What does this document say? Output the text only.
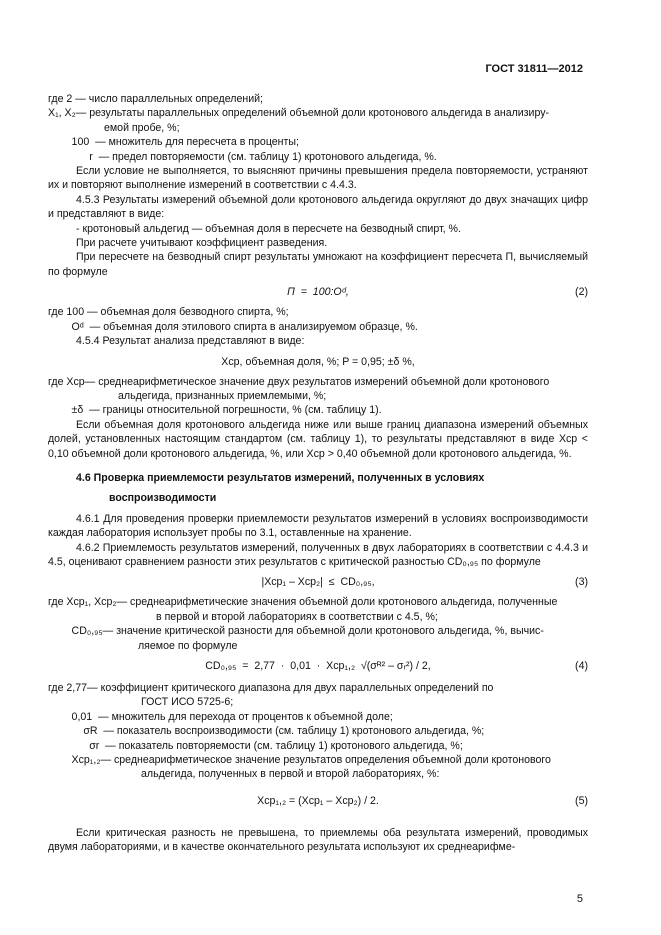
ГОСТ 31811—2012

где 2 — число параллельных определений;

X₁, X₂ — результаты параллельных определений объемной доли кротонового альдегида в анализиру-

емой пробе, %;

100  — множитель для пересчета в проценты;

r  — предел повторяемости (см. таблицу 1) кротонового альдегида, %.

Если условие не выполняется, то выясняют причины превышения предела повторяемости, устраняют их и повторяют выполнение измерений в соответствии с 4.4.3.

4.5.3 Результаты измерений объемной доли кротонового альдегида округляют до двух значащих цифр и представляют в виде:

- кротоновый альдегид — объемная доля в пересчете на безводный спирт, %.

При расчете учитывают коэффициент разведения.

При пересчете на безводный спирт результаты умножают на коэффициент пересчета П, вычисляемый по формуле

П  =  100:Oᵈ,	(2)

где 100 — объемная доля безводного спирта, %;

Oᵈ  — объемная доля этилового спирта в анализируемом образце, %.

4.5.4 Результат анализа представляют в виде:

Xср, объемная доля, %; P = 0,95; ±δ %,
где Xср — среднеарифметическое значение двух результатов измерений объемной доли кротонового

альдегида, признанных приемлемыми, %;

±δ  — границы относительной погрешности, % (см. таблицу 1).

Если объемная доля кротонового альдегида ниже или выше границ диапазона измерений объемных долей, установленных настоящим стандартом (см. таблицу 1), то результаты представляют в виде Xср < 0,10 объемной доли кротонового альдегида, %, или Xср > 0,40 объемной доли кротонового альдегида, %.

4.6 Проверка приемлемости результатов измерений, полученных в условиях

воспроизводимости

4.6.1 Для проведения проверки приемлемости результатов измерений в условиях воспроизводимости каждая лаборатория использует пробы по 3.1, оставленные на хранение.

4.6.2 Приемлемость результатов измерений, полученных в двух лабораториях в соответствии с 4.4.3 и 4.5, оценивают сравнением разности этих результатов с критической разностью CD₀,₉₅ по формуле

|Xср₁ – Xср₂|  ≤  CD₀,₉₅,	(3)
где Xср₁, Xср₂ — среднеарифметические значения объемной доли кротонового альдегида, полученные

в первой и второй лабораториях в соответствии с 4.5, %;

CD₀,₉₅ — значение критической разности для объемной доли кротонового альдегида, %, вычис-

ляемое по формуле

CD₀,₉₅  =  2,77  ·  0,01  ·  Xср₁,₂  √(σᴿ² – σᵣ²) / 2,	(4)
где 2,77 — коэффициент критического диапазона для двух параллельных определений по

ГОСТ ИСО 5725-6;

0,01  — множитель для перехода от процентов к объемной доле;

σR  — показатель воспроизводимости (см. таблицу 1) кротонового альдегида, %;

σr  — показатель повторяемости (см. таблицу 1) кротонового альдегида, %;

Xср₁,₂ — среднеарифметическое значение результатов определения объемной доли кротонового

альдегида, полученных в первой и второй лабораториях, %:

Xср₁,₂ = (Xср₁ – Xср₂) / 2.	(5)

Если критическая разность не превышена, то приемлемы оба результата измерений, проводимых двумя лабораториями, и в качестве окончательного результата используют их среднеарифме-

5
